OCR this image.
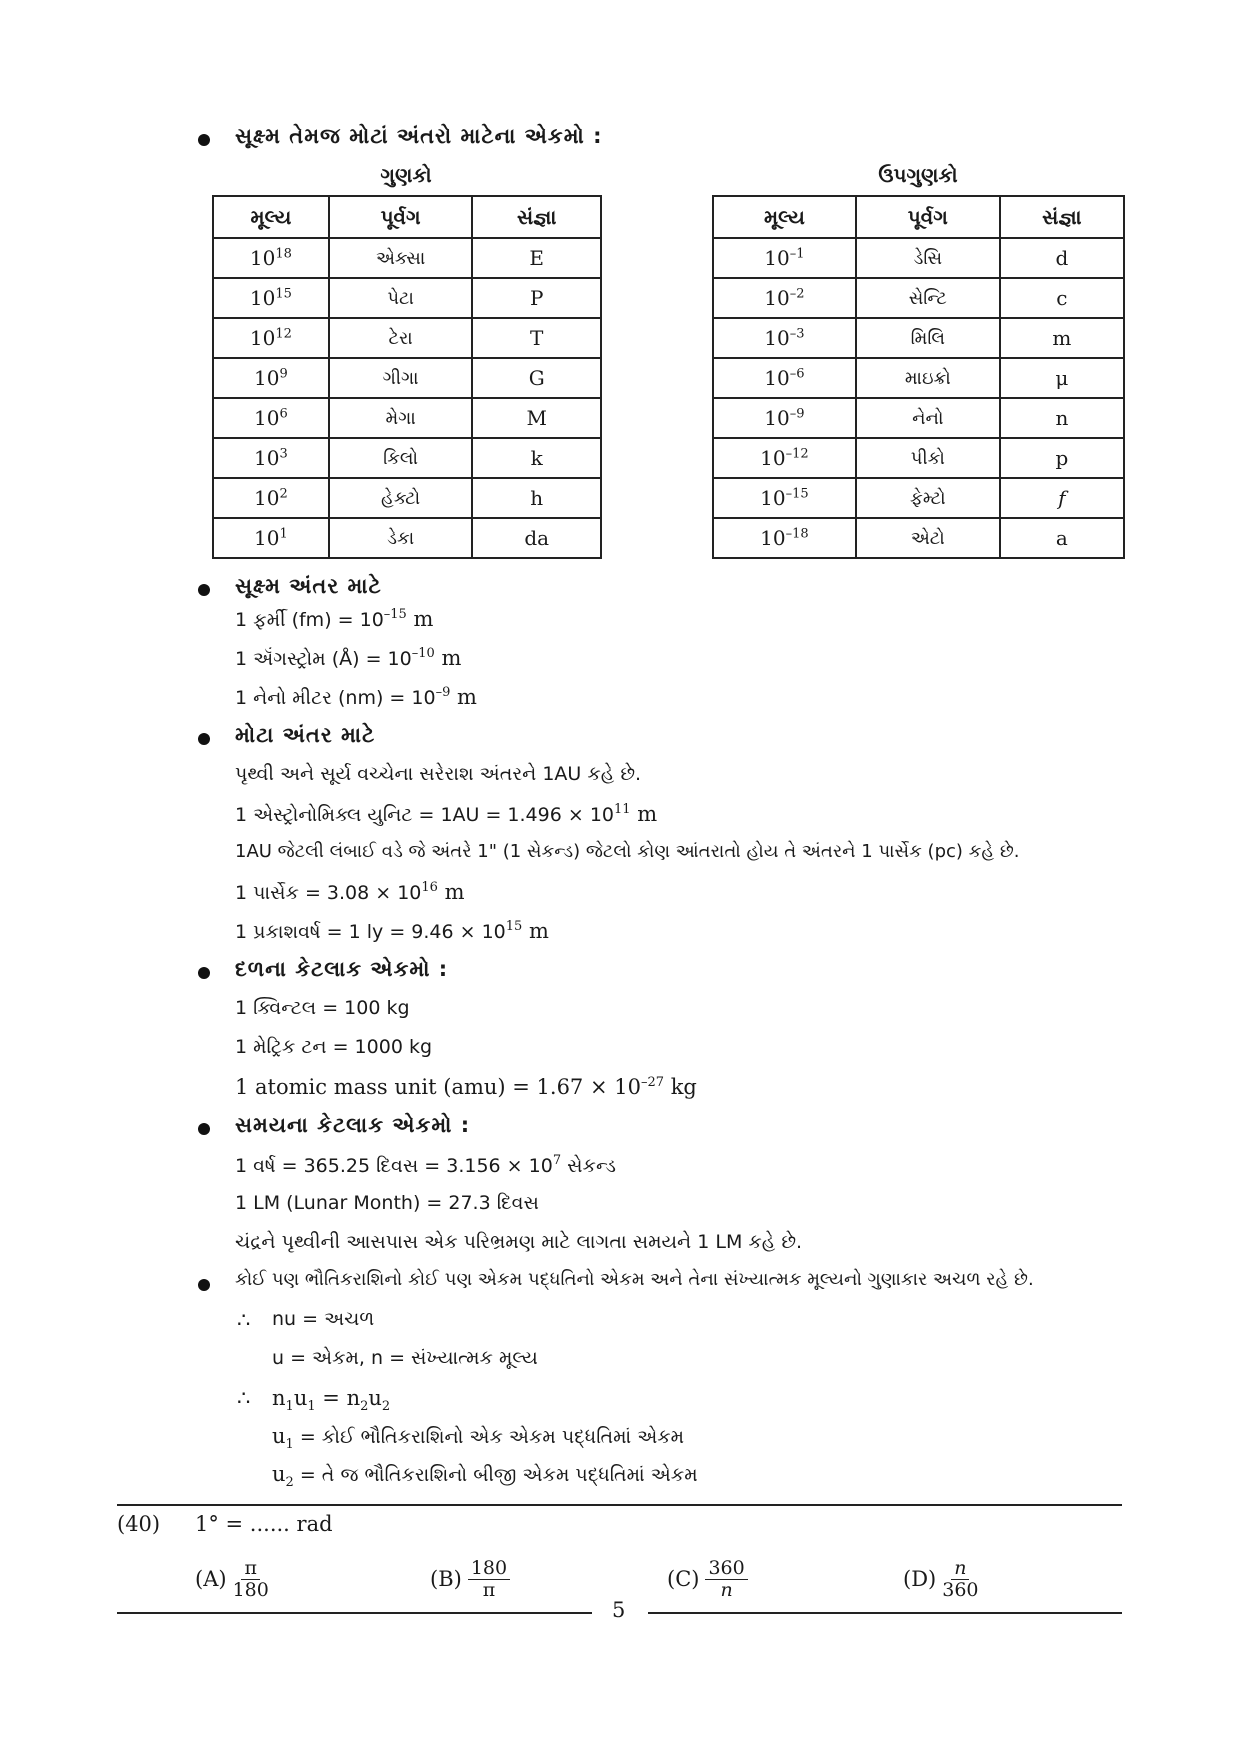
સૂક્ષ્મ તેમજ મોટાં અંતરો માટેના એકમો :
ગુણકો	ઉપગુણકો
મૂલ્ય	પૂર્વગ	સંજ્ઞા
$10^{18}$	એક્સા	E
$10^{15}$	પેટા	P
$10^{12}$	ટેરા	T
$10^9$	ગીગા	G
$10^6$	મેગા	M
$10^3$	કિલો	k
$10^2$	હેક્ટો	h
$10^1$	ડેકા	da
મૂલ્ય	પૂર્વગ	સંજ્ઞા
$10^{-1}$	ડેસિ	d
$10^{-2}$	સેન્ટિ	c
$10^{-3}$	મિલિ	m
$10^{-6}$	માઇક્રો	μ
$10^{-9}$	નેનો	n
$10^{-12}$	પીકો	p
$10^{-15}$	ફેમ્ટો	f
$10^{-18}$	એટો	a
સૂક્ષ્મ અંતર માટે
1 ફર્મી $(fm) = 10^{-15}$ m
1 ઍંગસ્ટ્રોમ (Å) = $10^{-10}$ m
1 નેનો મીટર $(nm) = 10^{-9}$ m
મોટા અંતર માટે
પૃથ્વી અને સૂર્ય વચ્ચેના સરેરાશ અંતરને 1AU કહે છે.
1 એસ્ટ્રોનોમિક્લ યુનિટ = $1AU = 1.496 \times 10^{11}$ m
1AU જેટલી લંબાઈ વડે જે અંતરે 1" (1 સેકન્ડ) જેટલો કોણ આંતરાતો હોય તે અંતરને 1 પાર્સેક (pc) કહે છે.
1 પાર્સેક = $3.08 \times 10^{16}$ m
1 પ્રકાશવર્ષ = 1 ly = $9.46 \times 10^{15}$ m
દળના કેટલાક એકમો :
1 ક્વિન્ટલ = 100 kg
1 મેટ્રિક ટન = 1000 kg
1 atomic mass unit $(amu) = 1.67 \times 10^{-27}$ kg
સમયના કેટલાક એકમો :
1 વર્ષ = 365.25 દિવસ = $3.156 \times 10^7$ સેકન્ડ
1 LM (Lunar Month) = 27.3 દિવસ
ચંદ્રને પૃથ્વીની આસપાસ એક પરિભ્રમણ માટે લાગતા સમયને 1 LM કહે છે.
કોઈ પણ ભૌતિકરાશિનો કોઈ પણ એકમ પદ્ધતિનો એકમ અને તેના સંખ્યાત્મક મૂલ્યનો ગુણાકાર અચળ રહે છે.
∴ nu = અચળ
u = એકમ, n = સંખ્યાત્મક મૂલ્ય
∴ $n_1u_1 = n_2u_2$
$u_1$ = કોઈ ભૌતિકરાશિનો એક એકમ પદ્ધતિમાં એકમ
$u_2$ = તે જ ભૌતિકરાશિનો બીજી એકમ પદ્ધતિમાં એકમ
(40) 1° = ...... rad
$(A) \frac{\pi}{180}$	$(B) \frac{180}{\pi}$	$(C) \frac{360}{n}$	$(D) \frac{n}{360}$
5
